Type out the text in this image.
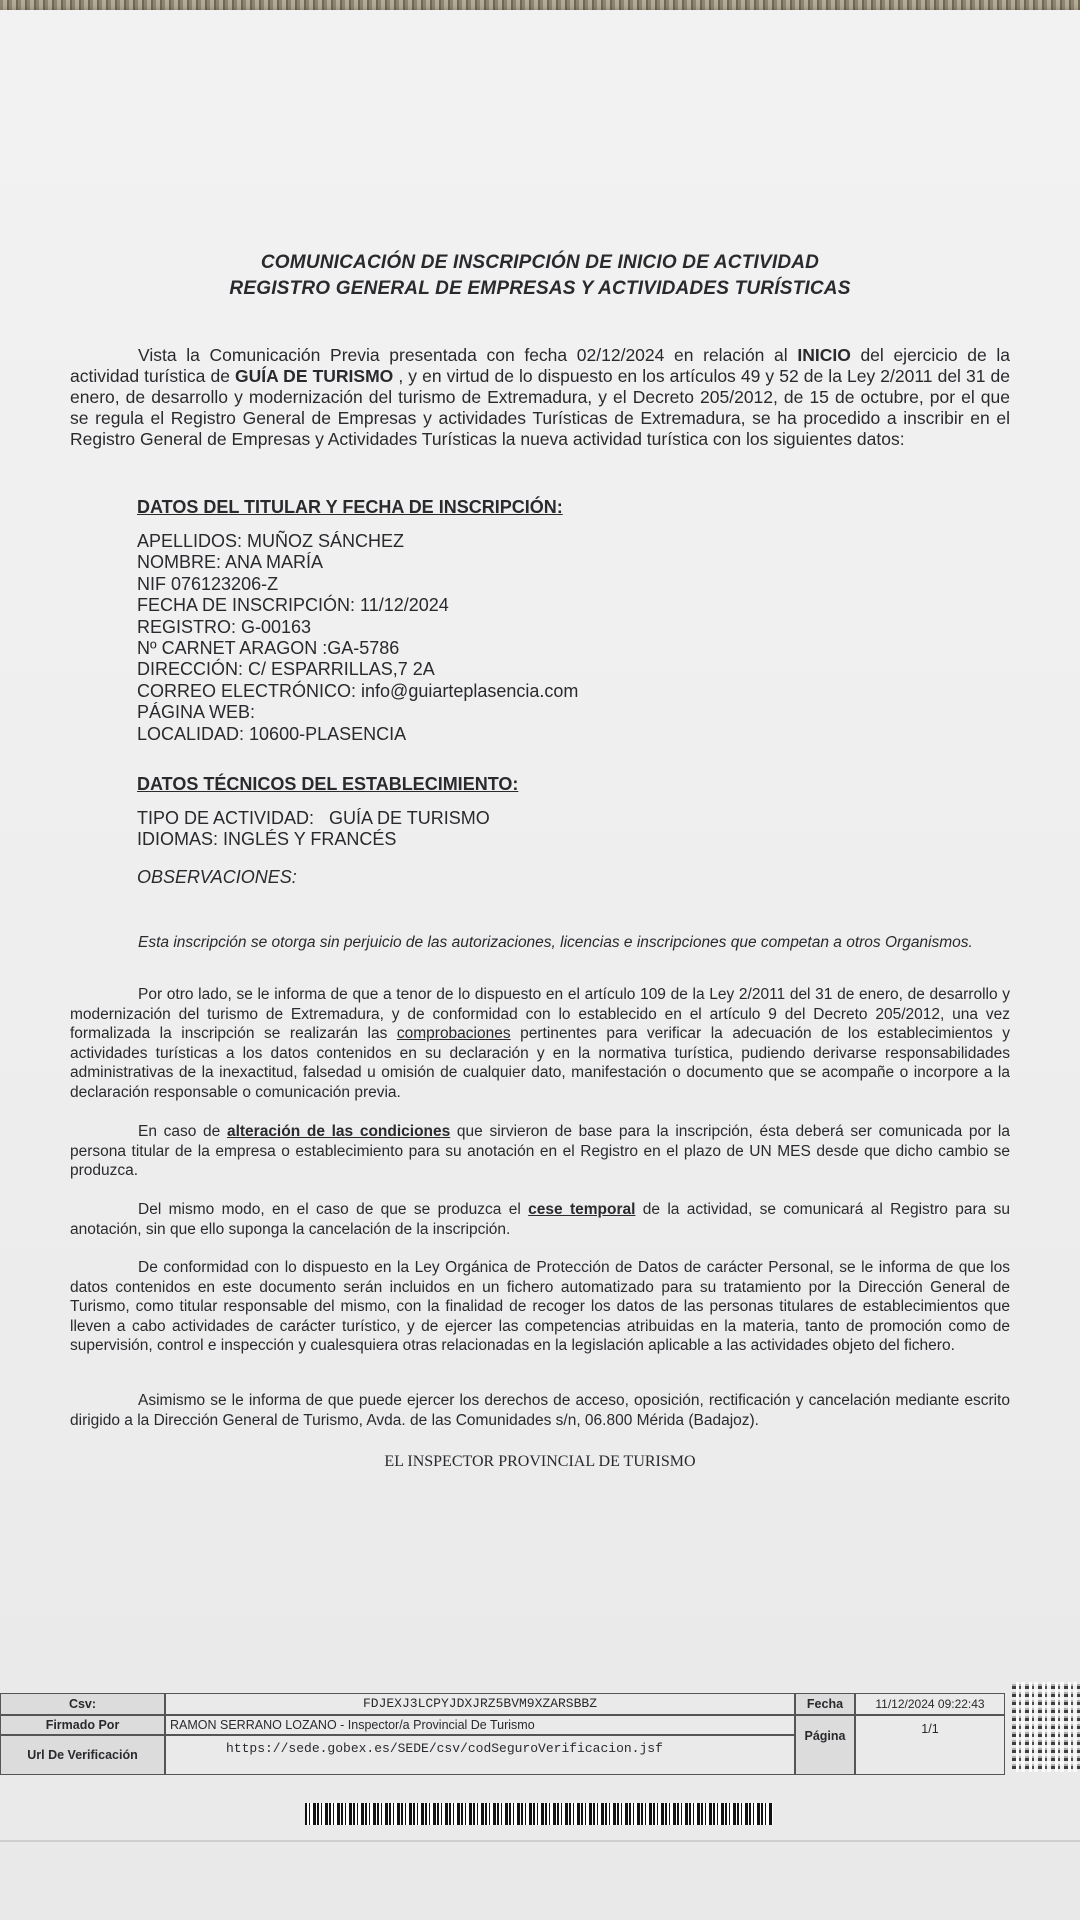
COMUNICACIÓN DE INSCRIPCIÓN DE INICIO DE ACTIVIDAD
REGISTRO GENERAL DE EMPRESAS Y ACTIVIDADES TURÍSTICAS

Vista la Comunicación Previa presentada con fecha 02/12/2024 en relación al INICIO del ejercicio de la actividad turística de GUÍA DE TURISMO , y en virtud de lo dispuesto en los artículos 49 y 52 de la Ley 2/2011 del 31 de enero, de desarrollo y modernización del turismo de Extremadura, y el Decreto 205/2012, de 15 de octubre, por el que se regula el Registro General de Empresas y actividades Turísticas de Extremadura, se ha procedido a inscribir en el Registro General de Empresas y Actividades Turísticas la nueva actividad turística con los siguientes datos:

DATOS DEL TITULAR Y FECHA DE INSCRIPCIÓN:
APELLIDOS: MUÑOZ SÁNCHEZ
NOMBRE: ANA MARÍA
NIF 076123206-Z
FECHA DE INSCRIPCIÓN: 11/12/2024
REGISTRO: G-00163
Nº CARNET ARAGON :GA-5786
DIRECCIÓN: C/ ESPARRILLAS,7 2A
CORREO ELECTRÓNICO: info@guiarteplasencia.com
PÁGINA WEB:
LOCALIDAD: 10600-PLASENCIA
DATOS TÉCNICOS DEL ESTABLECIMIENTO:
TIPO DE ACTIVIDAD:   GUÍA DE TURISMO
IDIOMAS: INGLÉS Y FRANCÉS
OBSERVACIONES:

Esta inscripción se otorga sin perjuicio de las autorizaciones, licencias e inscripciones que competan a otros Organismos.

Por otro lado, se le informa de que a tenor de lo dispuesto en el artículo 109 de la Ley 2/2011 del 31 de enero, de desarrollo y modernización del turismo de Extremadura, y de conformidad con lo establecido en el artículo 9 del Decreto 205/2012, una vez formalizada la inscripción se realizarán las comprobaciones pertinentes para verificar la adecuación de los establecimientos y actividades turísticas a los datos contenidos en su declaración y en la normativa turística, pudiendo derivarse responsabilidades administrativas de la inexactitud, falsedad u omisión de cualquier dato, manifestación o documento que se acompañe o incorpore a la declaración responsable o comunicación previa.

En caso de alteración de las condiciones que sirvieron de base para la inscripción, ésta deberá ser comunicada por la persona titular de la empresa o establecimiento para su anotación en el Registro en el plazo de UN MES desde que dicho cambio se produzca.

Del mismo modo, en el caso de que se produzca el cese temporal de la actividad, se comunicará al Registro para su anotación, sin que ello suponga la cancelación de la inscripción.

De conformidad con lo dispuesto en la Ley Orgánica de Protección de Datos de carácter Personal, se le informa de que los datos contenidos en este documento serán incluidos en un fichero automatizado para su tratamiento por la Dirección General de Turismo, como titular responsable del mismo, con la finalidad de recoger los datos de las personas titulares de establecimientos que lleven a cabo actividades de carácter turístico, y de ejercer las competencias atribuidas en la materia, tanto de promoción como de supervisión, control e inspección y cualesquiera otras relacionadas en la legislación aplicable a las actividades objeto del fichero.

Asimismo se le informa de que puede ejercer los derechos de acceso, oposición, rectificación y cancelación mediante escrito dirigido a la Dirección General de Turismo, Avda. de las Comunidades s/n, 06.800 Mérida (Badajoz).

EL INSPECTOR PROVINCIAL DE TURISMO
Csv:	FDJEXJ3LCPYJDXJRZ5BVM9XZARSBBZ	Fecha	11/12/2024 09:22:43
Firmado Por	RAMON SERRANO LOZANO - Inspector/a Provincial De Turismo
Url De Verificación	https://sede.gobex.es/SEDE/csv/codSeguroVerificacion.jsf
Página	1/1
